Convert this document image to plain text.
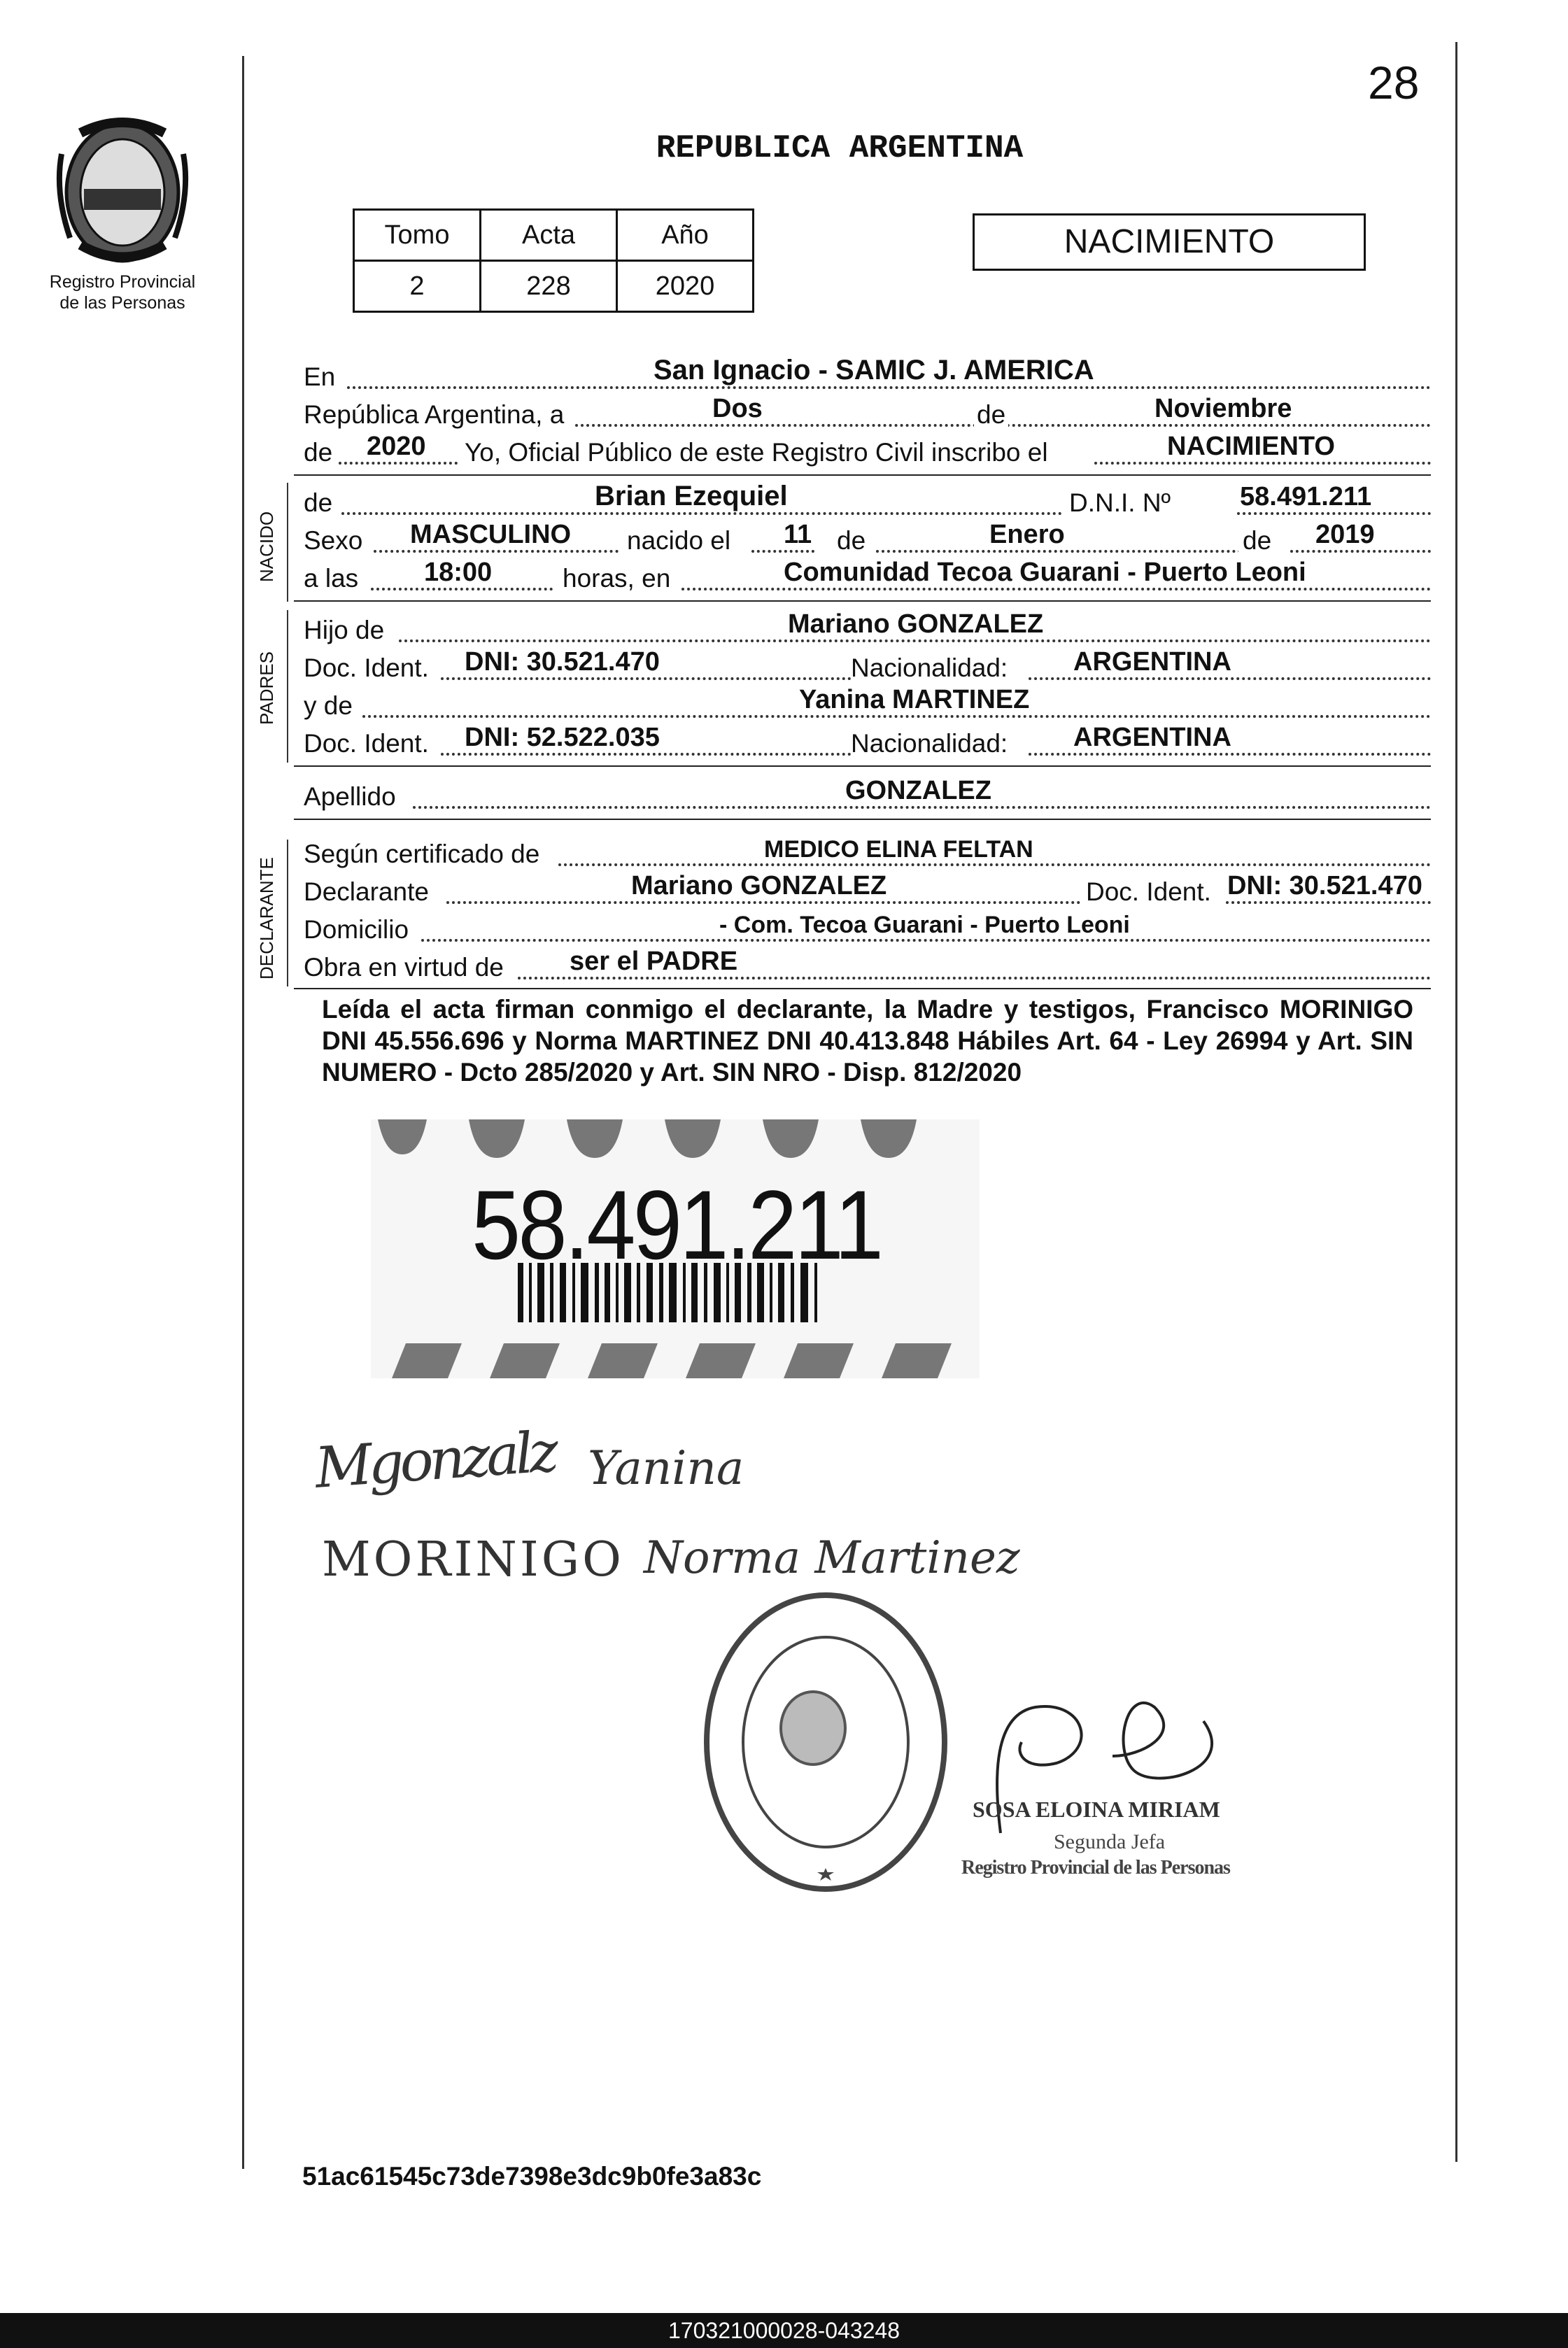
28
Registro Provincial
de las Personas
REPUBLICA ARGENTINA
Tomo	Acta	Año
2	228	2020
NACIMIENTO
En	San Ignacio - SAMIC J. AMERICA
República Argentina, a	Dos	de	Noviembre
de 2020 Yo, Oficial Público de este Registro Civil inscribo el	NACIMIENTO
NACIDO
de	Brian Ezequiel	D.N.I. Nº	58.491.211
Sexo MASCULINO nacido el 11 de	Enero	de 2019
a las 18:00	horas, en	Comunidad Tecoa Guarani - Puerto Leoni
PADRES
Hijo de	Mariano GONZALEZ
Doc. Ident. DNI: 30.521.470	Nacionalidad: ARGENTINA
y de	Yanina MARTINEZ
Doc. Ident. DNI: 52.522.035	Nacionalidad: ARGENTINA
Apellido	GONZALEZ
DECLARANTE
Según certificado de	MEDICO ELINA FELTAN
Declarante	Mariano GONZALEZ	Doc. Ident. DNI: 30.521.470
Domicilio	- Com. Tecoa Guarani - Puerto Leoni
Obra en virtud de ser el PADRE
Leída el acta firman conmigo el declarante, la Madre y testigos, Francisco MORINIGO DNI 45.556.696 y Norma MARTINEZ DNI 40.413.848 Hábiles Art. 64 - Ley 26994 y Art. SIN NUMERO - Dcto 285/2020 y Art. SIN NRO - Disp. 812/2020
58.491.211
Mgonzalz Yanina
MORINIGO Norma Martinez
SOSA ELOINA MIRIAM
Segunda Jefa
Registro Provincial de las Personas
51ac61545c73de7398e3dc9b0fe3a83c
170321000028-043248
